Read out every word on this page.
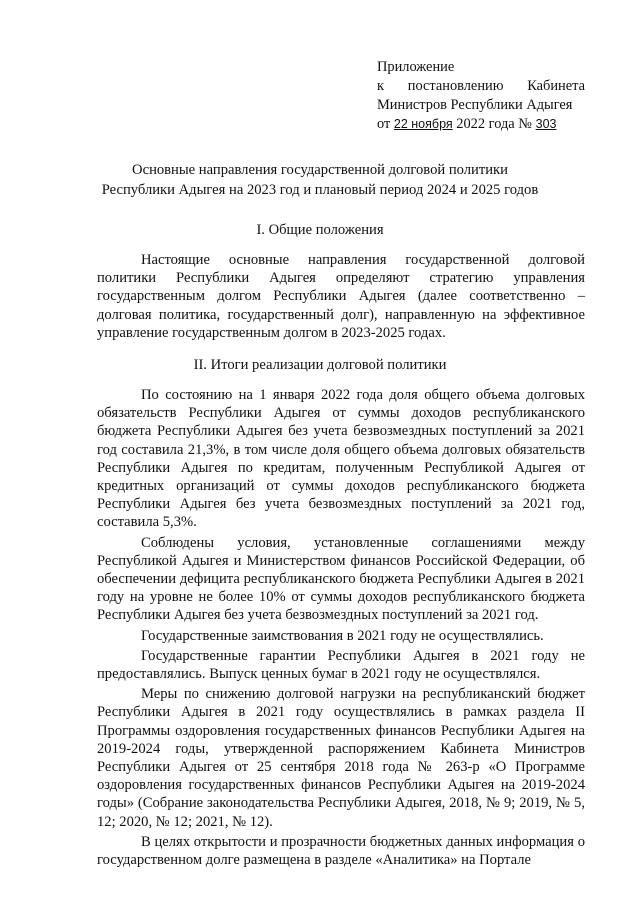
Приложение
к постановлению Кабинета
Министров Республики Адыгея
от 22 ноября 2022 года № 303
Основные направления государственной долговой политики
Республики Адыгея на 2023 год и плановый период 2024 и 2025 годов
I. Общие положения

Настоящие основные направления государственной долговой политики Республики Адыгея определяют стратегию управления государственным долгом Республики Адыгея (далее соответственно – долговая политика, государственный долг), направленную на эффективное управление государственным долгом в 2023-2025 годах.

II. Итоги реализации долговой политики

По состоянию на 1 января 2022 года доля общего объема долговых обязательств Республики Адыгея от суммы доходов республиканского бюджета Республики Адыгея без учета безвозмездных поступлений за 2021 год составила 21,3%, в том числе доля общего объема долговых обязательств Республики Адыгея по кредитам, полученным Республикой Адыгея от кредитных организаций от суммы доходов республиканского бюджета Республики Адыгея без учета безвозмездных поступлений за 2021 год, составила 5,3%.

Соблюдены условия, установленные соглашениями между Республикой Адыгея и Министерством финансов Российской Федерации, об обеспечении дефицита республиканского бюджета Республики Адыгея в 2021 году на уровне не более 10% от суммы доходов республиканского бюджета Республики Адыгея без учета безвозмездных поступлений за 2021 год.

Государственные заимствования в 2021 году не осуществлялись.

Государственные гарантии Республики Адыгея в 2021 году не предоставлялись. Выпуск ценных бумаг в 2021 году не осуществлялся.

Меры по снижению долговой нагрузки на республиканский бюджет Республики Адыгея в 2021 году осуществлялись в рамках раздела II Программы оздоровления государственных финансов Республики Адыгея на 2019-2024 годы, утвержденной распоряжением Кабинета Министров Республики Адыгея от 25 сентября 2018 года № 263-р «О Программе оздоровления государственных финансов Республики Адыгея на 2019-2024 годы» (Собрание законодательства Республики Адыгея, 2018, № 9; 2019, № 5, 12; 2020, № 12; 2021, № 12).

В целях открытости и прозрачности бюджетных данных информация о государственном долге размещена в разделе «Аналитика» на Портале
